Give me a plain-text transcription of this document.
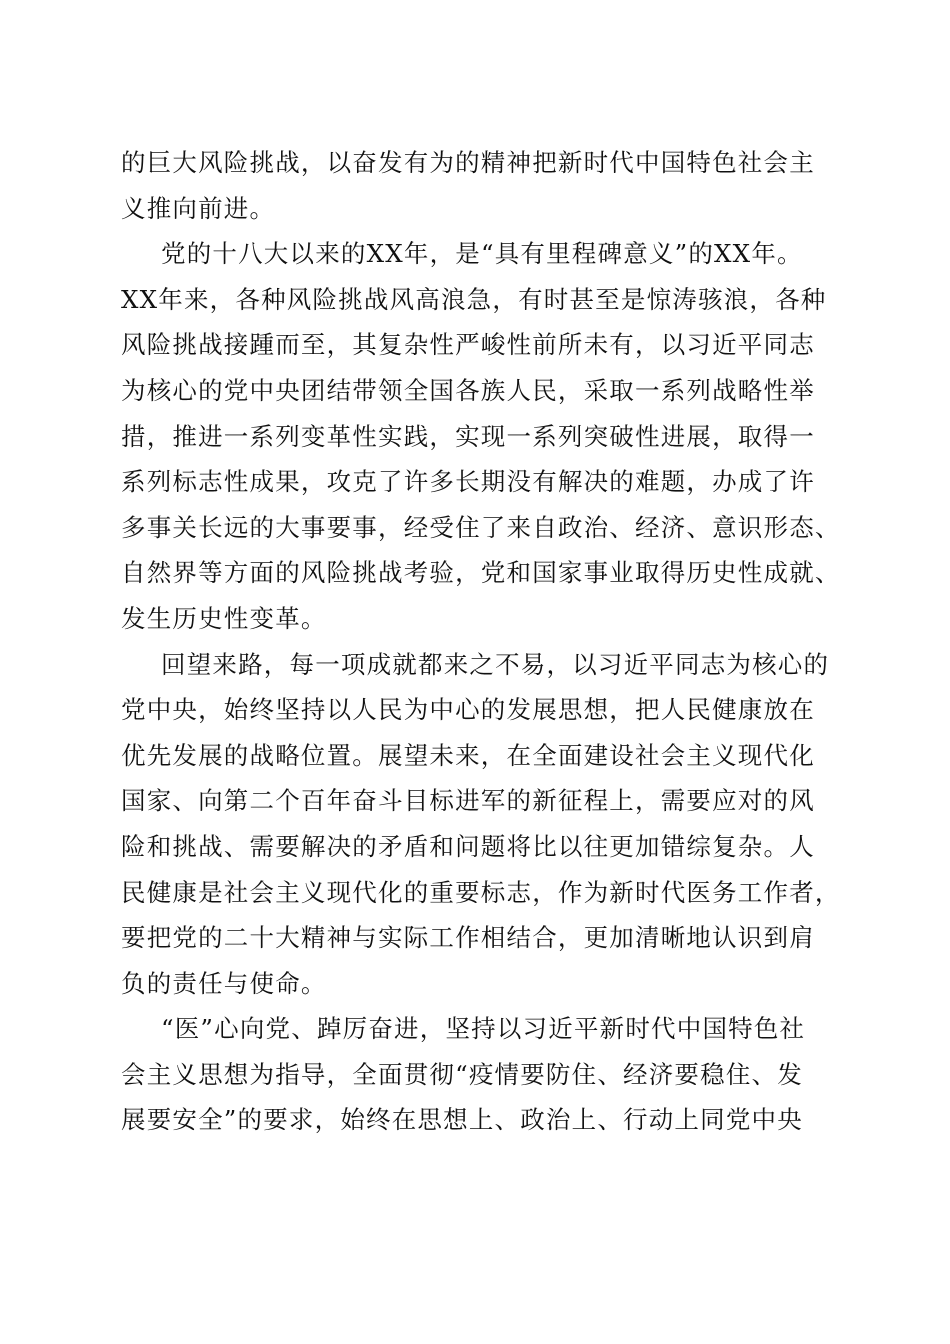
的巨大风险挑战，以奋发有为的精神把新时代中国特色社会主
义推向前进。
党的十八大以来的XX年，是“具有里程碑意义”的XX年。
XX年来，各种风险挑战风高浪急，有时甚至是惊涛骇浪，各种
风险挑战接踵而至，其复杂性严峻性前所未有，以习近平同志
为核心的党中央团结带领全国各族人民，采取一系列战略性举
措，推进一系列变革性实践，实现一系列突破性进展，取得一
系列标志性成果，攻克了许多长期没有解决的难题，办成了许
多事关长远的大事要事，经受住了来自政治、经济、意识形态、
自然界等方面的风险挑战考验，党和国家事业取得历史性成就、
发生历史性变革。
回望来路，每一项成就都来之不易，以习近平同志为核心的
党中央，始终坚持以人民为中心的发展思想，把人民健康放在
优先发展的战略位置。展望未来，在全面建设社会主义现代化
国家、向第二个百年奋斗目标进军的新征程上，需要应对的风
险和挑战、需要解决的矛盾和问题将比以往更加错综复杂。人
民健康是社会主义现代化的重要标志，作为新时代医务工作者，
要把党的二十大精神与实际工作相结合，更加清晰地认识到肩
负的责任与使命。
“医”心向党、踔厉奋进，坚持以习近平新时代中国特色社
会主义思想为指导，全面贯彻“疫情要防住、经济要稳住、发
展要安全”的要求，始终在思想上、政治上、行动上同党中央
